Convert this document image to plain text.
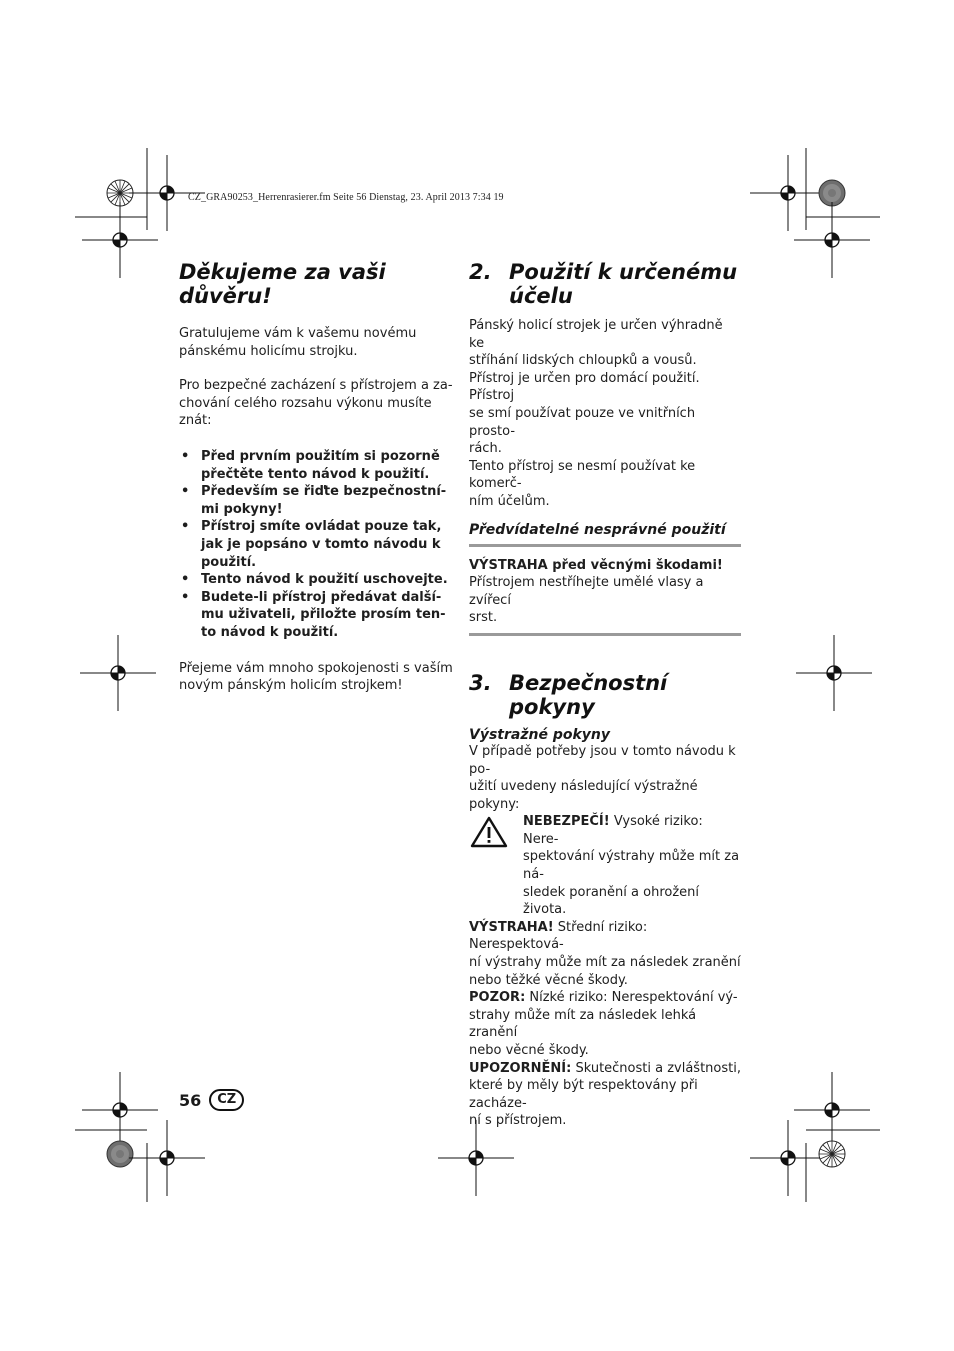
CZ_GRA90253_Herrenrasierer.fm Seite 56 Dienstag, 23. April 2013 7:34 19
Děkujeme za vaši důvěru!

Gratulujeme vám k vašemu novému

pánskému holicímu strojku.

Pro bezpečné zacházení s přístrojem a za-

chování celého rozsahu výkonu musíte znát:

• Před prvním použitím si pozorně
přečtěte tento návod k použití.
• Především se řiďte bezpečnostní-
mi pokyny!
• Přístroj smíte ovládat pouze tak,
jak je popsáno v tomto návodu k
použití.
• Tento návod k použití uschovejte.
• Budete-li přístroj předávat další-
mu uživateli, přiložte prosím ten-
to návod k použití.

Přejeme vám mnoho spokojenosti s vaším

novým pánským holicím strojkem!

2. Použití k určenému
účelu

Pánský holicí strojek je určen výhradně ke

stříhání lidských chloupků a vousů.

Přístroj je určen pro domácí použití. Přístroj

se smí používat pouze ve vnitřních prosto-

rách.

Tento přístroj se nesmí používat ke komerč-

ním účelům.

Předvídatelné nesprávné použití

VÝSTRAHA před věcnými škodami!

Přístrojem nestříhejte umělé vlasy a zvířecí

srst.

3. Bezpečnostní pokyny
Výstražné pokyny

V případě potřeby jsou v tomto návodu k po-

užití uvedeny následující výstražné pokyny:

NEBEZPEČÍ! Vysoké riziko: Nere-

spektování výstrahy může mít za ná-

sledek poranění a ohrožení života.

VÝSTRAHA! Střední riziko: Nerespektová-

ní výstrahy může mít za následek zranění

nebo těžké věcné škody.

POZOR: Nízké riziko: Nerespektování vý-

strahy může mít za následek lehká zranění

nebo věcné škody.

UPOZORNĚNÍ: Skutečnosti a zvláštnosti,

které by měly být respektovány při zacháze-

ní s přístrojem.

56	CZ
